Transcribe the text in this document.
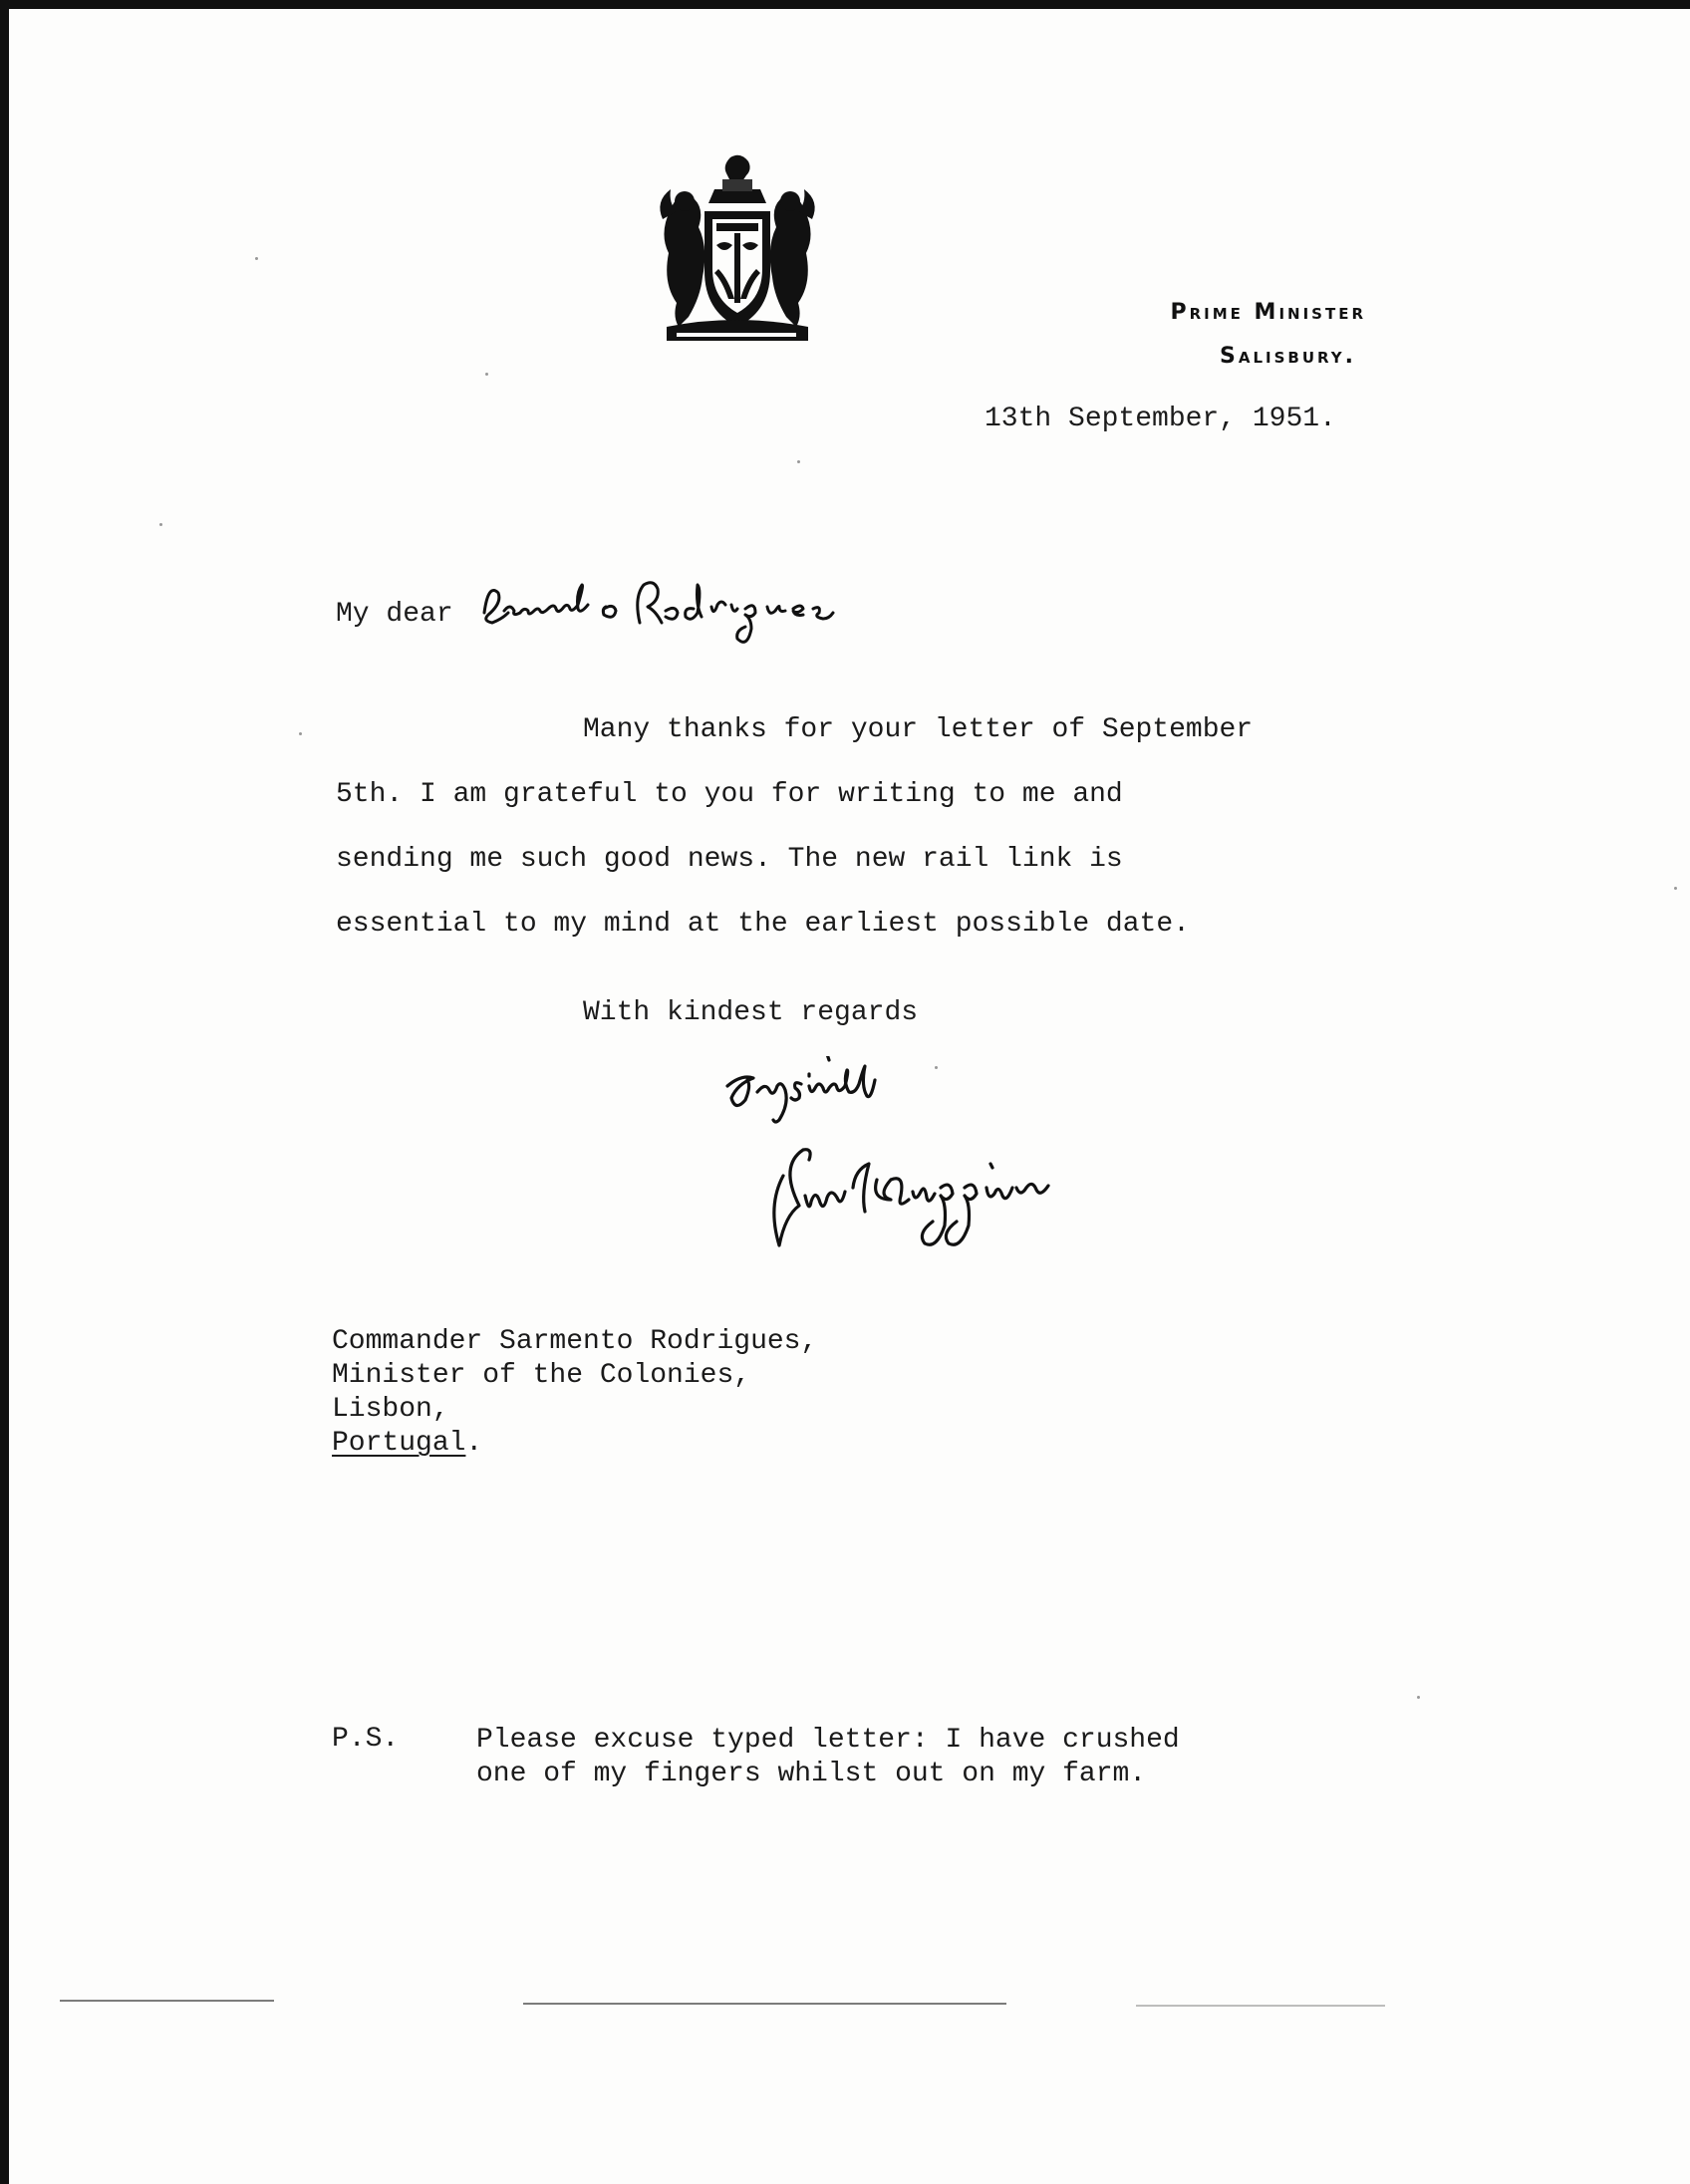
Prime Minister
Salisbury.
13th September, 1951.
My dear

Many thanks for your letter of September

5th. I am grateful to you for writing to me and

sending me such good news. The new rail link is

essential to my mind at the earliest possible date.

With kindest regards
Commander Sarmento Rodrigues,
Minister of the Colonies,
Lisbon,
Portugal.
P.S.	Please excuse typed letter: I have crushed
one of my fingers whilst out on my farm.
